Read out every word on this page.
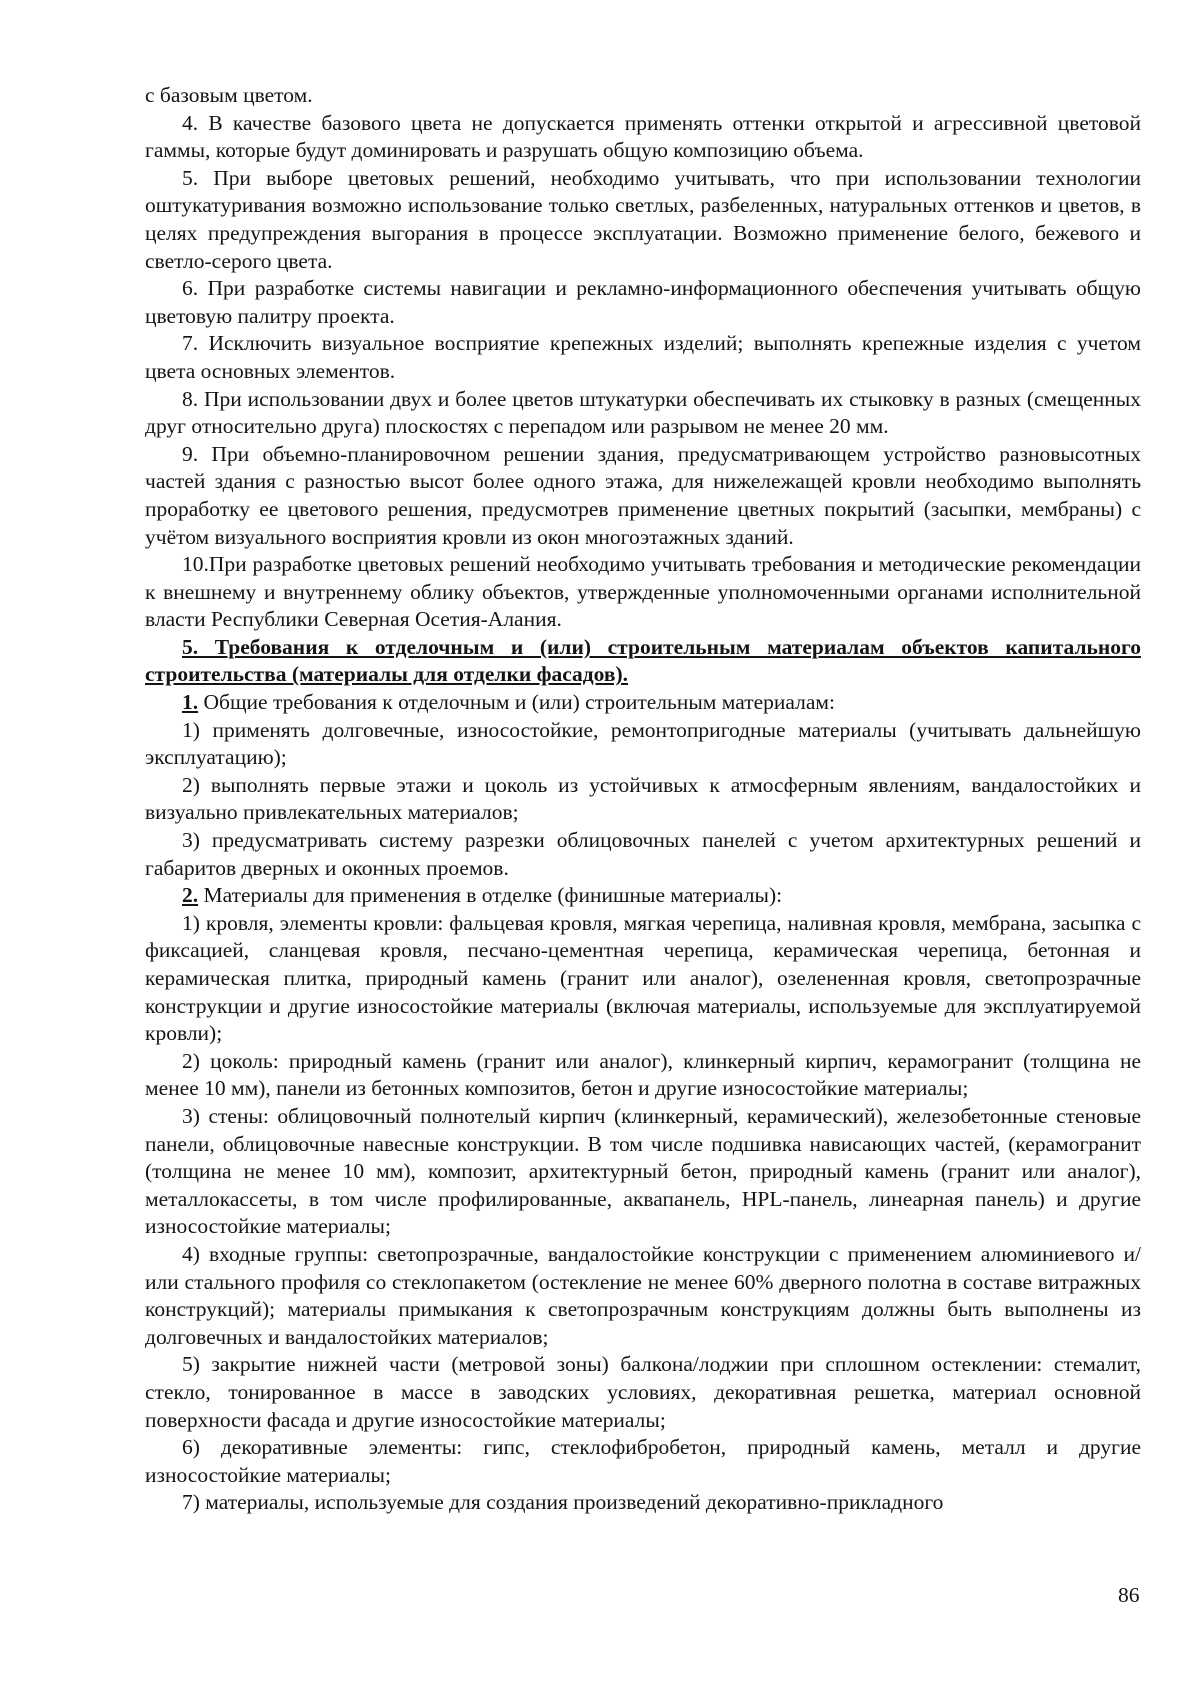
с базовым цветом.

4. В качестве базового цвета не допускается применять оттенки открытой и агрессивной цветовой гаммы, которые будут доминировать и разрушать общую композицию объема.

5. При выборе цветовых решений, необходимо учитывать, что при использовании технологии оштукатуривания возможно использование только светлых, разбеленных, натуральных оттенков и цветов, в целях предупреждения выгорания в процессе эксплуатации. Возможно применение белого, бежевого и светло-серого цвета.

6. При разработке системы навигации и рекламно-информационного обеспечения учитывать общую цветовую палитру проекта.

7. Исключить визуальное восприятие крепежных изделий; выполнять крепежные изделия с учетом цвета основных элементов.

8. При использовании двух и более цветов штукатурки обеспечивать их стыковку в разных (смещенных друг относительно друга) плоскостях с перепадом или разрывом не менее 20 мм.

9. При объемно-планировочном решении здания, предусматривающем устройство разновысотных частей здания с разностью высот более одного этажа, для нижележащей кровли необходимо выполнять проработку ее цветового решения, предусмотрев применение цветных покрытий (засыпки, мембраны) с учётом визуального восприятия кровли из окон многоэтажных зданий.

10.При разработке цветовых решений необходимо учитывать требования и методические рекомендации к внешнему и внутреннему облику объектов, утвержденные уполномоченными органами исполнительной власти Республики Северная Осетия-Алания.

5. Требования к отделочным и (или) строительным материалам объектов капитального строительства (материалы для отделки фасадов).

1. Общие требования к отделочным и (или) строительным материалам:

1) применять долговечные, износостойкие, ремонтопригодные материалы (учитывать дальнейшую эксплуатацию);

2) выполнять первые этажи и цоколь из устойчивых к атмосферным явлениям, вандалостойких и визуально привлекательных материалов;

3) предусматривать систему разрезки облицовочных панелей с учетом архитектурных решений и габаритов дверных и оконных проемов.

2. Материалы для применения в отделке (финишные материалы):

1) кровля, элементы кровли: фальцевая кровля, мягкая черепица, наливная кровля, мембрана, засыпка с фиксацией, сланцевая кровля, песчано-цементная черепица, керамическая черепица, бетонная и керамическая плитка, природный камень (гранит или аналог), озелененная кровля, светопрозрачные конструкции и другие износостойкие материалы (включая материалы, используемые для эксплуатируемой кровли);

2) цоколь: природный камень (гранит или аналог), клинкерный кирпич, керамогранит (толщина не менее 10 мм), панели из бетонных композитов, бетон и другие износостойкие материалы;

3) стены: облицовочный полнотелый кирпич (клинкерный, керамический), железобетонные стеновые панели, облицовочные навесные конструкции. В том числе подшивка нависающих частей, (керамогранит (толщина не менее 10 мм), композит, архитектурный бетон, природный камень (гранит или аналог), металлокассеты, в том числе профилированные, аквапанель, HPL-панель, линеарная панель) и другие износостойкие материалы;

4) входные группы: светопрозрачные, вандалостойкие конструкции с применением алюминиевого и/или стального профиля со стеклопакетом (остекление не менее 60% дверного полотна в составе витражных конструкций); материалы примыкания к светопрозрачным конструкциям должны быть выполнены из долговечных и вандалостойких материалов;

5) закрытие нижней части (метровой зоны) балкона/лоджии при сплошном остеклении: стемалит, стекло, тонированное в массе в заводских условиях, декоративная решетка, материал основной поверхности фасада и другие износостойкие материалы;

6) декоративные элементы: гипс, стеклофибробетон, природный камень, металл и другие износостойкие материалы;

7) материалы, используемые для создания произведений декоративно-прикладного

86
